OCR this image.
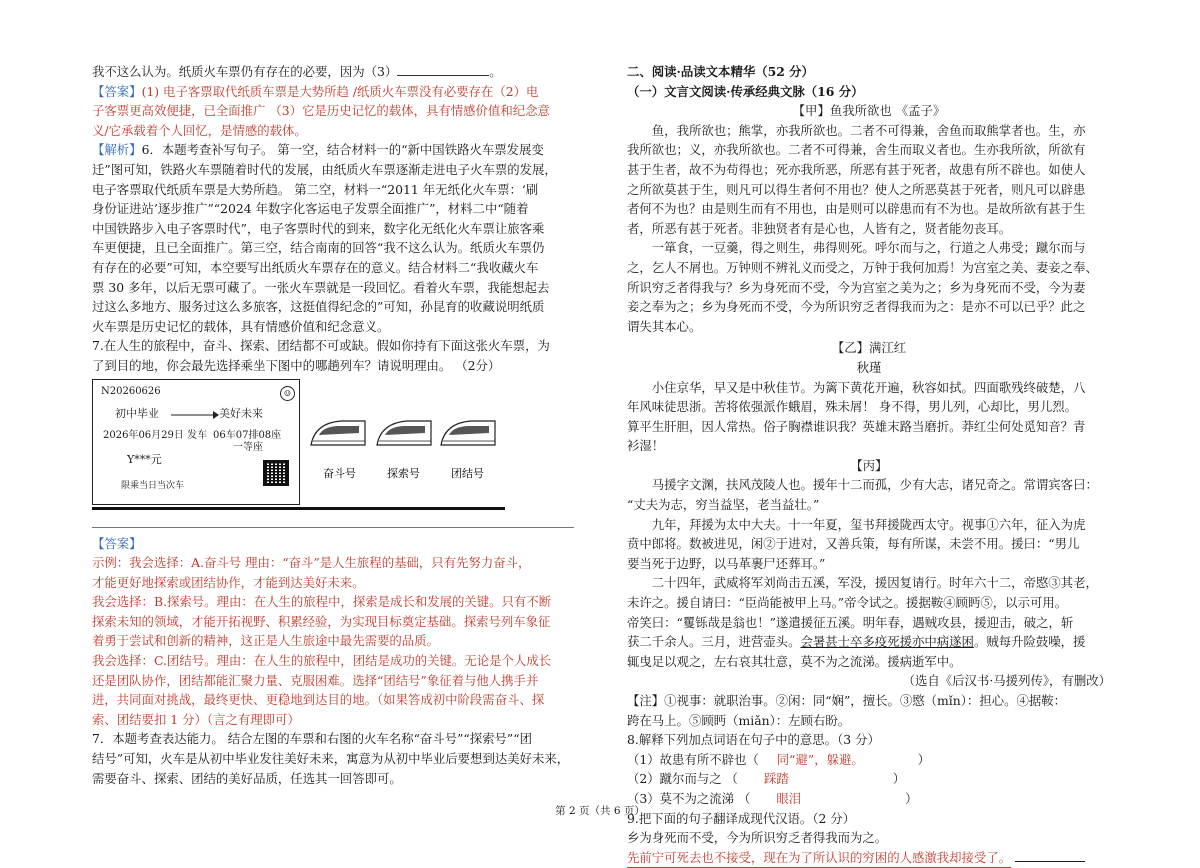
我不这么认为。纸质火车票仍有存在的必要，因为（3）	。

【答案】(1) 电子客票取代纸质车票是大势所趋 /纸质火车票没有必要存在（2）电

子客票更高效便捷，已全面推广 （3）它是历史记忆的载体，具有情感价值和纪念意

义/它承载着个人回忆，是情感的载体。

【解析】6．本题考查补写句子。 第一空，结合材料一的“新中国铁路火车票发展变

迁”图可知，铁路火车票随着时代的发展，由纸质火车票逐渐走进电子火车票的发展，

电子客票取代纸质车票是大势所趋。 第二空，材料一“2011 年无纸化火车票：‘刷

身份证进站’逐步推广”“2024 年数字化客运电子发票全面推广”，材料二中“随着

中国铁路步入电子客票时代”，电子客票时代的到来，数字化无纸化火车票让旅客乘

车更便捷，且已全面推广。第三空，结合南南的回答“我不这么认为。纸质火车票仍

有存在的必要”可知，本空要写出纸质火车票存在的意义。结合材料二“我收藏火车

票 30 多年，以后无票可藏了。一张火车票就是一段回忆。看着火车票，我能想起去

过这么多地方、服务过这么多旅客，这挺值得纪念的”可知，孙昆育的收藏说明纸质

火车票是历史记忆的载体，具有情感价值和纪念意义。

7.在人生的旅程中，奋斗、探索、团结都不可或缺。假如你持有下面这张火车票，为

了到目的地，你会最先选择乘坐下图中的哪趟列车？请说明理由。 （2分）

N20260626	☺
初中毕业	美好未来
2026年06月29日 发车 06车07排08座
一等座
Y***元
限乘当日当次车
奋斗号	探索号	团结号

【答案】

示例：我会选择：A.奋斗号 理由：“奋斗”是人生旅程的基础，只有先努力奋斗，

才能更好地探索或团结协作，才能到达美好未来。

我会选择：B.探索号。理由：在人生的旅程中，探索是成长和发展的关键。只有不断

探索未知的领域，才能开拓视野、积累经验，为实现目标奠定基础。探索号列车象征

着勇于尝试和创新的精神，这正是人生旅途中最先需要的品质。

我会选择：C.团结号。理由：在人生的旅程中，团结是成功的关键。无论是个人成长

还是团队协作，团结都能汇聚力量、克服困难。选择“团结号”象征着与他人携手并

进，共同面对挑战，最终更快、更稳地到达目的地。（如果答成初中阶段需奋斗、探

索、团结要扣 1 分）（言之有理即可）

7．本题考查表达能力。 结合左图的车票和右图的火车名称“奋斗号”“探索号”“团

结号”可知，火车是从初中毕业发往美好未来，寓意为从初中毕业后要想到达美好未来，

需要奋斗、探索、团结的美好品质，任选其一回答即可。

二、阅读·品读文本精华（52 分）

（一）文言文阅读·传承经典文脉（16 分）

【甲】鱼我所欲也 《孟子》

鱼，我所欲也；熊掌，亦我所欲也。二者不可得兼，舍鱼而取熊掌者也。生，亦

我所欲也；义，亦我所欲也。二者不可得兼，舍生而取义者也。生亦我所欲，所欲有

甚于生者，故不为苟得也；死亦我所恶，所恶有甚于死者，故患有所不辟也。如使人

之所欲莫甚于生，则凡可以得生者何不用也？使人之所恶莫甚于死者，则凡可以辟患

者何不为也？由是则生而有不用也，由是则可以辟患而有不为也。是故所欲有甚于生

者，所恶有甚于死者。非独贤者有是心也，人皆有之，贤者能勿丧耳。

一箪食，一豆羹，得之则生，弗得则死。呼尔而与之，行道之人弗受；蹴尔而与

之，乞人不屑也。万钟则不辨礼义而受之，万钟于我何加焉！为宫室之美、妻妾之奉、

所识穷乏者得我与？乡为身死而不受，今为宫室之美为之；乡为身死而不受，今为妻

妾之奉为之；乡为身死而不受，今为所识穷乏者得我而为之：是亦不可以已乎？此之

谓失其本心。

【乙】满江红

秋瑾

小住京华，早又是中秋佳节。为篱下黄花开遍，秋容如拭。四面歌残终破楚，八

年风味徒思浙。苦将侬强派作蛾眉，殊未屑！ 身不得，男儿列，心却比，男儿烈。

算平生肝胆，因人常热。俗子胸襟谁识我？英雄末路当磨折。莽红尘何处觅知音？青

衫湿！

【丙】

马援字文渊，扶风茂陵人也。援年十二而孤，少有大志，诸兄奇之。常谓宾客曰：

“丈夫为志，穷当益坚，老当益壮。”

九年，拜援为太中大夫。十一年夏，玺书拜援陇西太守。视事①六年，征入为虎

贲中郎将。数被进见，闲②于进对，又善兵策，每有所谋，未尝不用。援曰：“男儿

要当死于边野，以马革裹尸还葬耳。”

二十四年，武威将军刘尚击五溪，军没，援因复请行。时年六十二，帝愍③其老，

未许之。援自请曰：“臣尚能被甲上马。”帝令试之。援据鞍④顾眄⑤，以示可用。

帝笑曰：“矍铄哉是翁也！”遂遣援征五溪。明年春，遇贼攻县，援迎击，破之，斩

获二千余人。三月，进营壶头。会暑甚士卒多疫死援亦中病遂困。贼每升险鼓噪，援

辄曳足以观之，左右哀其壮意，莫不为之流涕。援病逝军中。

（选自《后汉书·马援列传》，有删改）

【注】①视事：就职治事。②闲：同“娴”，擅长。③愍（mǐn）：担心。④据鞍：

跨在马上。⑤顾眄（miǎn）：左顾右盼。

8.解释下列加点词语在句子中的意思。（3 分）

（1）故患有所不辟也（ 同“避”，躲避。	）

（2）蹴尔而与之 （ 踩踏	）

（3）莫不为之流涕 （ 眼泪	）

9.把下面的句子翻译成现代汉语。（2 分）

乡为身死而不受，今为所识穷乏者得我而为之。

先前宁可死去也不接受，现在为了所认识的穷困的人感激我却接受了。

第 2 页（共 6 页）
